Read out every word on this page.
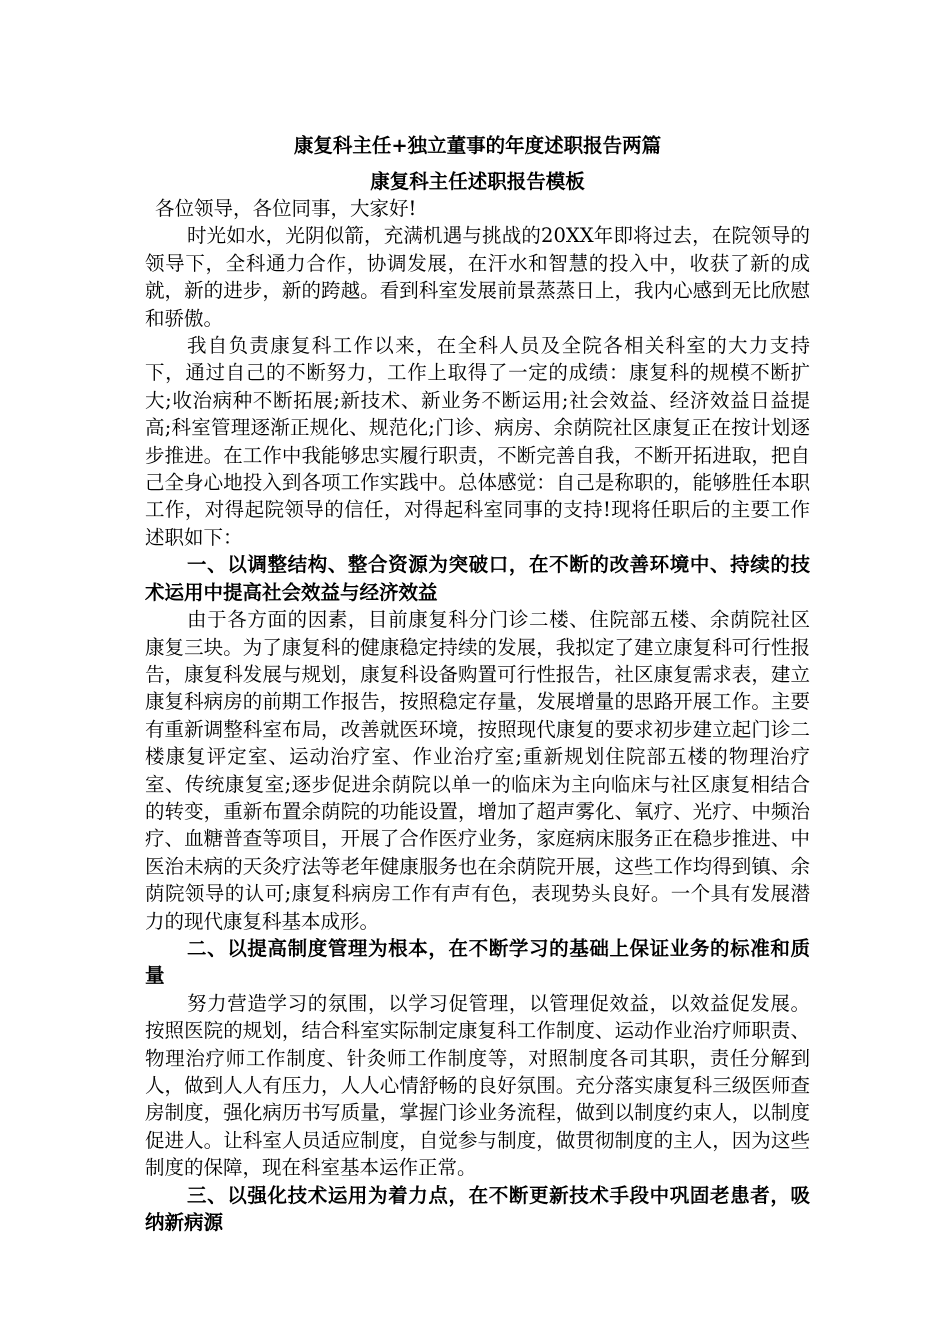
康复科主任+独立董事的年度述职报告两篇
康复科主任述职报告模板

各位领导，各位同事，大家好!

时光如水，光阴似箭，充满机遇与挑战的20XX年即将过去，在院领导的领导下，全科通力合作，协调发展，在汗水和智慧的投入中，收获了新的成就，新的进步，新的跨越。看到科室发展前景蒸蒸日上，我内心感到无比欣慰和骄傲。

我自负责康复科工作以来，在全科人员及全院各相关科室的大力支持下，通过自己的不断努力，工作上取得了一定的成绩：康复科的规模不断扩大;收治病种不断拓展;新技术、新业务不断运用;社会效益、经济效益日益提高;科室管理逐渐正规化、规范化;门诊、病房、余荫院社区康复正在按计划逐步推进。在工作中我能够忠实履行职责，不断完善自我，不断开拓进取，把自己全身心地投入到各项工作实践中。总体感觉：自己是称职的，能够胜任本职工作，对得起院领导的信任，对得起科室同事的支持!现将任职后的主要工作述职如下：

一、以调整结构、整合资源为突破口，在不断的改善环境中、持续的技术运用中提高社会效益与经济效益

由于各方面的因素，目前康复科分门诊二楼、住院部五楼、余荫院社区康复三块。为了康复科的健康稳定持续的发展，我拟定了建立康复科可行性报告，康复科发展与规划，康复科设备购置可行性报告，社区康复需求表，建立康复科病房的前期工作报告，按照稳定存量，发展增量的思路开展工作。主要有重新调整科室布局，改善就医环境，按照现代康复的要求初步建立起门诊二楼康复评定室、运动治疗室、作业治疗室;重新规划住院部五楼的物理治疗室、传统康复室;逐步促进余荫院以单一的临床为主向临床与社区康复相结合的转变，重新布置余荫院的功能设置，增加了超声雾化、氧疗、光疗、中频治疗、血糖普查等项目，开展了合作医疗业务，家庭病床服务正在稳步推进、中医治未病的天灸疗法等老年健康服务也在余荫院开展，这些工作均得到镇、余荫院领导的认可;康复科病房工作有声有色，表现势头良好。一个具有发展潜力的现代康复科基本成形。

二、以提高制度管理为根本，在不断学习的基础上保证业务的标准和质量

努力营造学习的氛围，以学习促管理，以管理促效益，以效益促发展。按照医院的规划，结合科室实际制定康复科工作制度、运动作业治疗师职责、物理治疗师工作制度、针灸师工作制度等，对照制度各司其职，责任分解到人，做到人人有压力，人人心情舒畅的良好氛围。充分落实康复科三级医师查房制度，强化病历书写质量，掌握门诊业务流程，做到以制度约束人，以制度促进人。让科室人员适应制度，自觉参与制度，做贯彻制度的主人，因为这些制度的保障，现在科室基本运作正常。

三、以强化技术运用为着力点，在不断更新技术手段中巩固老患者，吸纳新病源
